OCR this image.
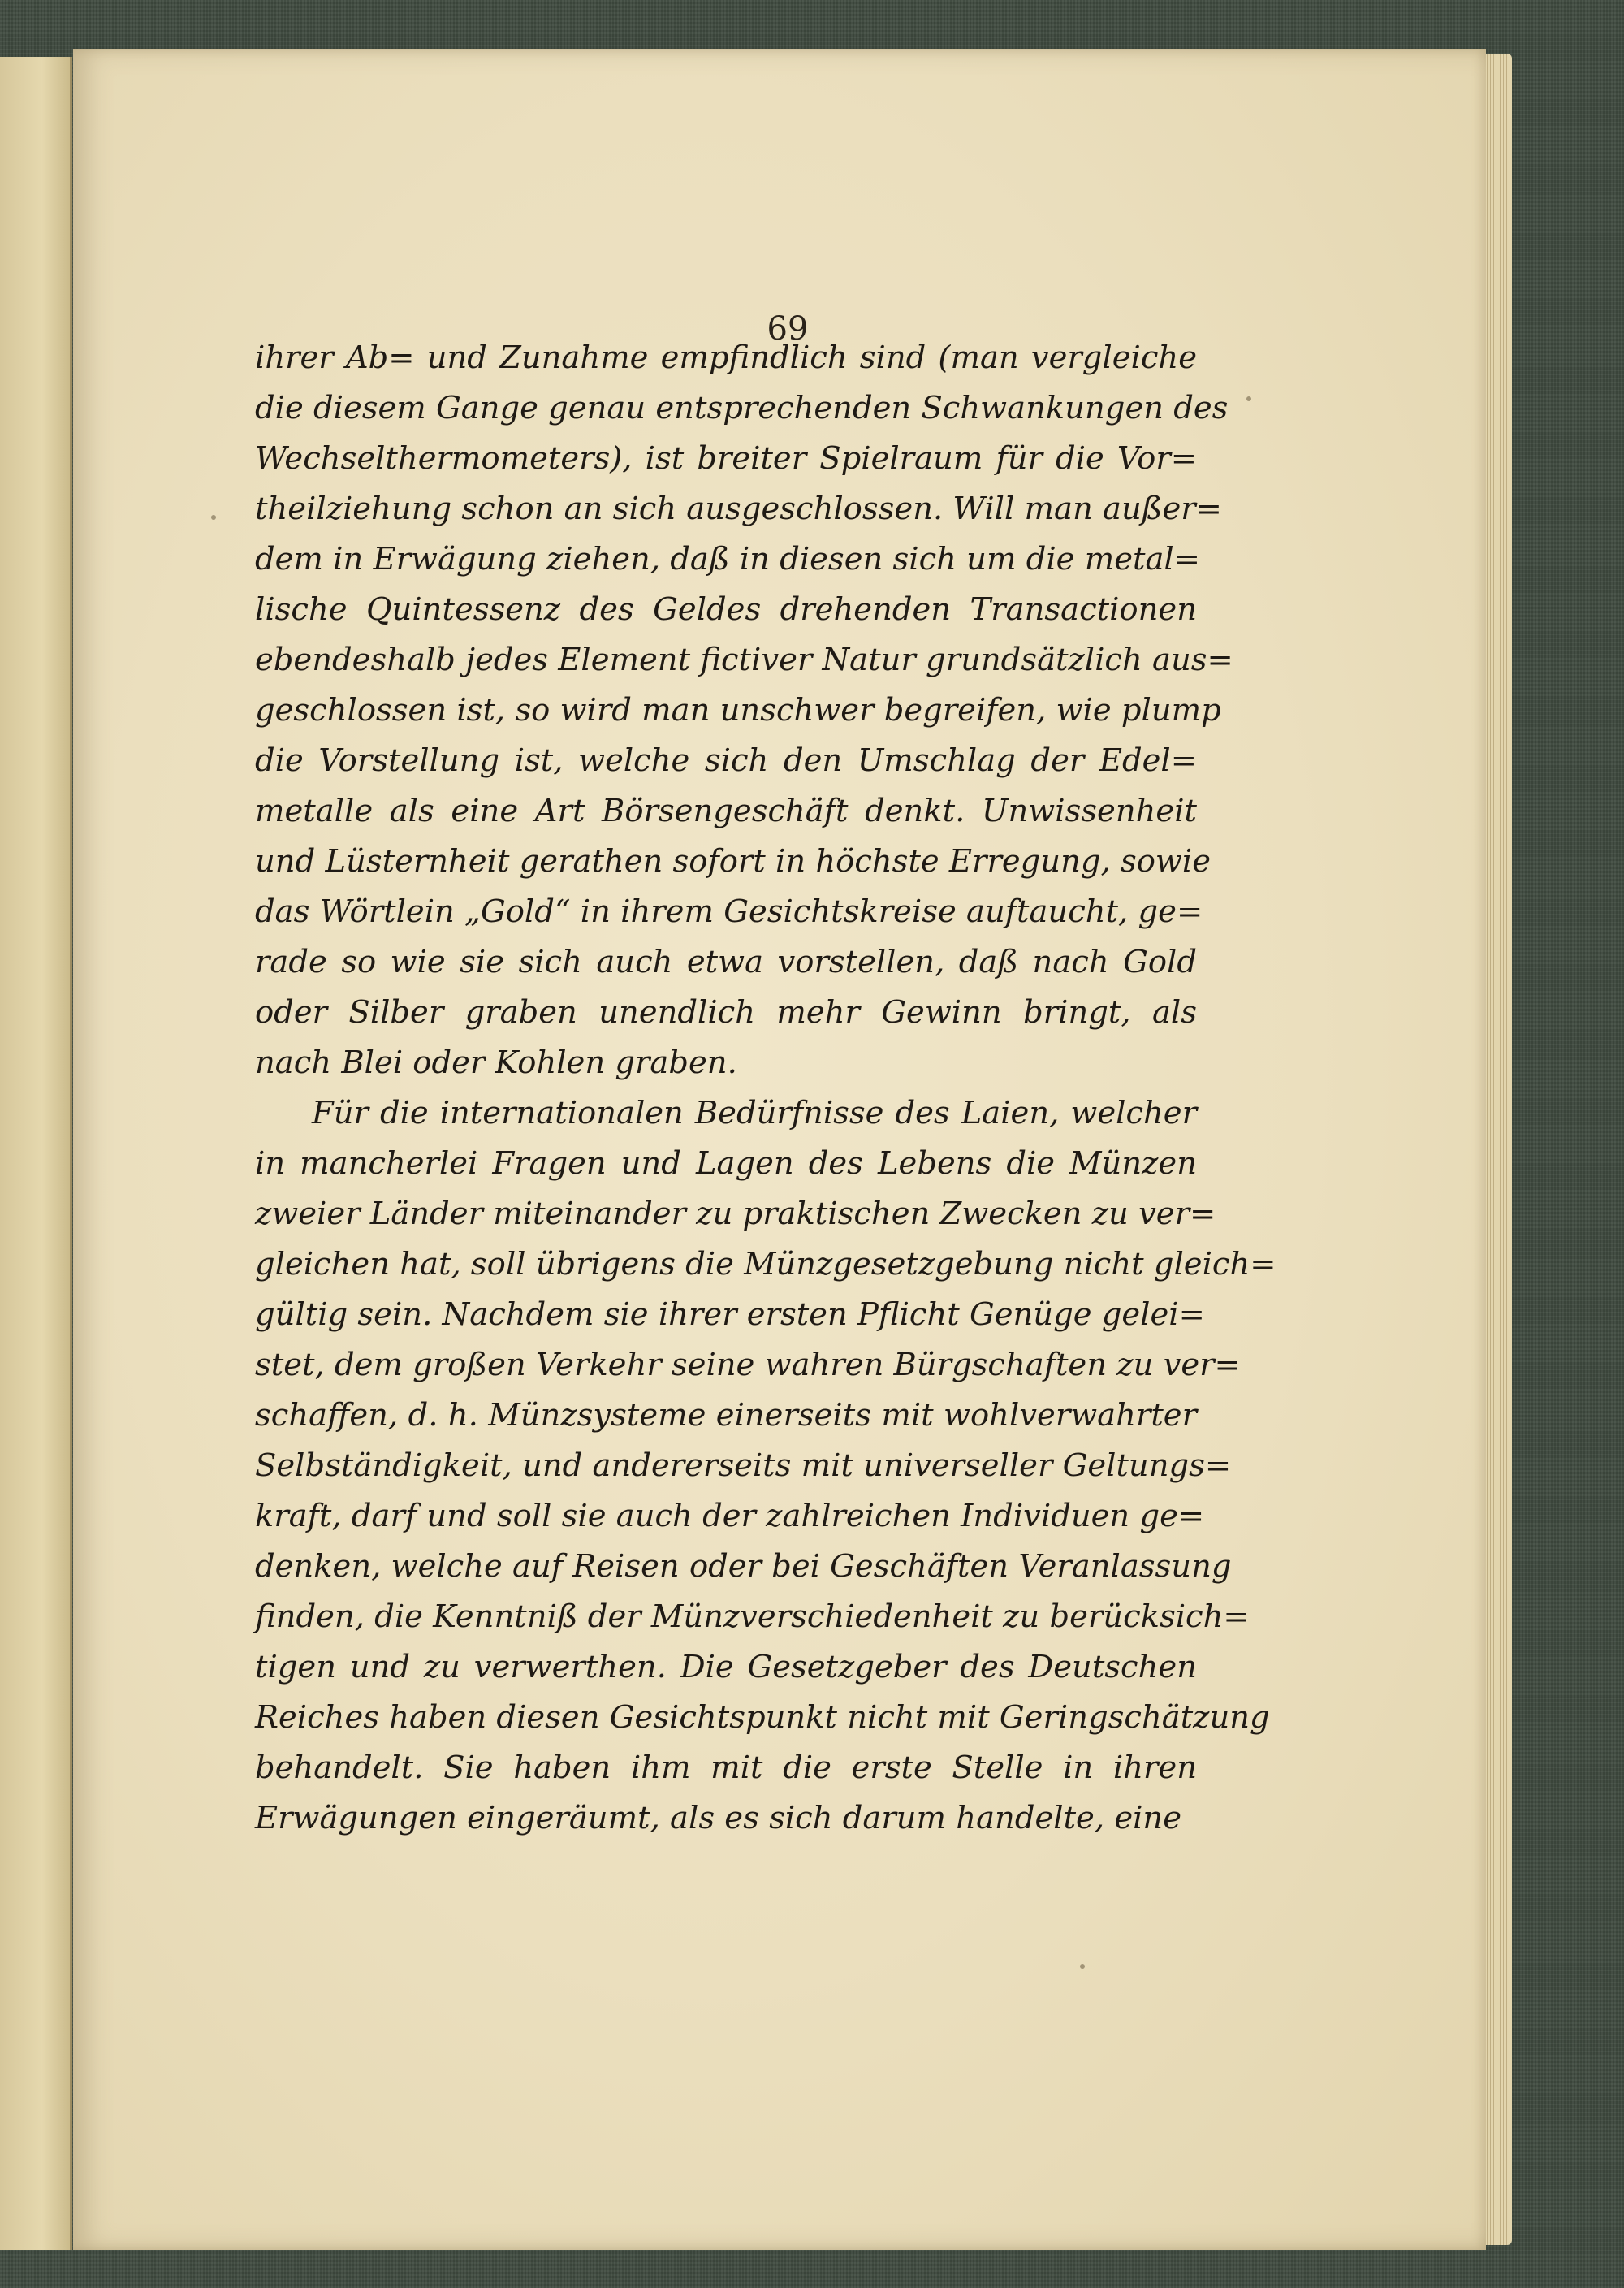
69
ihrer Ab= und Zunahme empfindlich sind (man vergleiche
die diesem Gange genau entsprechenden Schwankungen des
Wechselthermometers), ist breiter Spielraum für die Vor=
theilziehung schon an sich ausgeschlossen. Will man außer=
dem in Erwägung ziehen, daß in diesen sich um die metal=
lische Quintessenz des Geldes drehenden Transactionen
ebendeshalb jedes Element fictiver Natur grundsätzlich aus=
geschlossen ist, so wird man unschwer begreifen, wie plump
die Vorstellung ist, welche sich den Umschlag der Edel=
metalle als eine Art Börsengeschäft denkt. Unwissenheit
und Lüsternheit gerathen sofort in höchste Erregung, sowie
das Wörtlein „Gold“ in ihrem Gesichtskreise auftaucht, ge=
rade so wie sie sich auch etwa vorstellen, daß nach Gold
oder Silber graben unendlich mehr Gewinn bringt, als
nach Blei oder Kohlen graben.
Für die internationalen Bedürfnisse des Laien, welcher
in mancherlei Fragen und Lagen des Lebens die Münzen
zweier Länder miteinander zu praktischen Zwecken zu ver=
gleichen hat, soll übrigens die Münzgesetzgebung nicht gleich=
gültig sein. Nachdem sie ihrer ersten Pflicht Genüge gelei=
stet, dem großen Verkehr seine wahren Bürgschaften zu ver=
schaffen, d. h. Münzsysteme einerseits mit wohlverwahrter
Selbständigkeit, und andererseits mit universeller Geltungs=
kraft, darf und soll sie auch der zahlreichen Individuen ge=
denken, welche auf Reisen oder bei Geschäften Veranlassung
finden, die Kenntniß der Münzverschiedenheit zu berücksich=
tigen und zu verwerthen. Die Gesetzgeber des Deutschen
Reiches haben diesen Gesichtspunkt nicht mit Geringschätzung
behandelt. Sie haben ihm mit die erste Stelle in ihren
Erwägungen eingeräumt, als es sich darum handelte, eine
